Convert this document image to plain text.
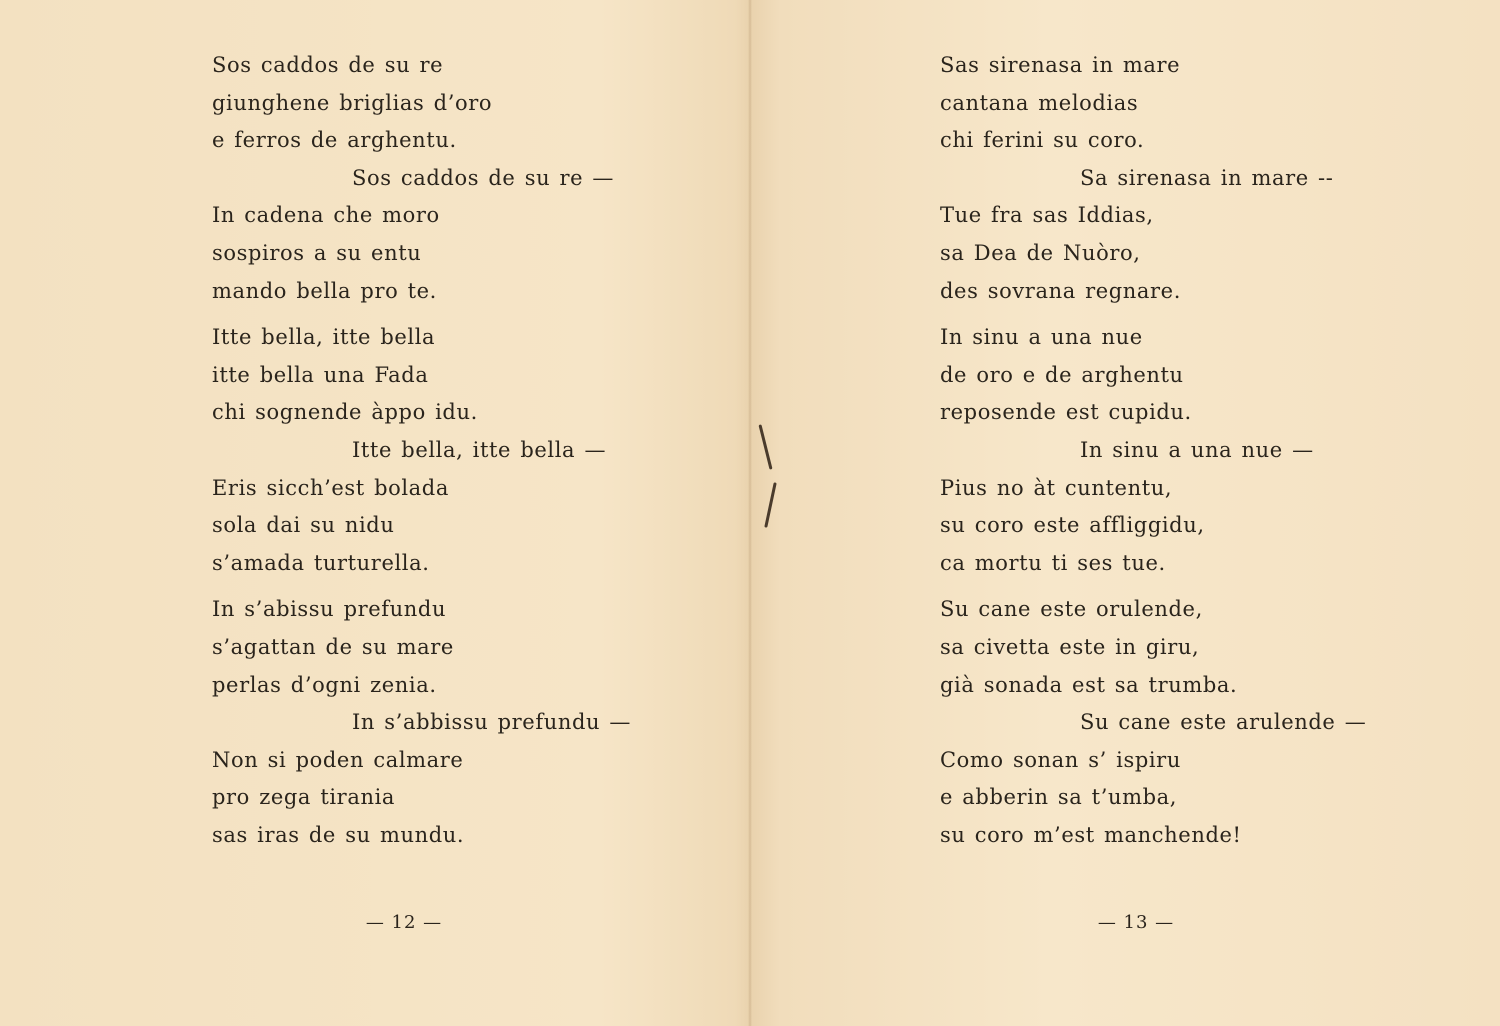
Sos caddos de su re
giunghene briglias d’oro
e ferros de arghentu.
Sos caddos de su re —
In cadena che moro
sospiros a su entu
mando bella pro te.
Itte bella, itte bella
itte bella una Fada
chi sognende àppo idu.
Itte bella, itte bella —
Eris sicch’est bolada
sola dai su nidu
s’amada turturella.
In s’abissu prefundu
s’agattan de su mare
perlas d’ogni zenia.
In s’abbissu prefundu —
Non si poden calmare
pro zega tirania
sas iras de su mundu.
— 12 —
Sas sirenasa in mare
cantana melodias
chi ferini su coro.
Sa sirenasa in mare --
Tue fra sas Iddias,
sa Dea de Nuòro,
des sovrana regnare.
In sinu a una nue
de oro e de arghentu
reposende est cupidu.
In sinu a una nue —
Pius no àt cuntentu,
su coro este affliggidu,
ca mortu ti ses tue.
Su cane este orulende,
sa civetta este in giru,
già sonada est sa trumba.
Su cane este arulende —
Como sonan s’ ispiru
e abberin sa t’umba,
su coro m’est manchende!
— 13 —
